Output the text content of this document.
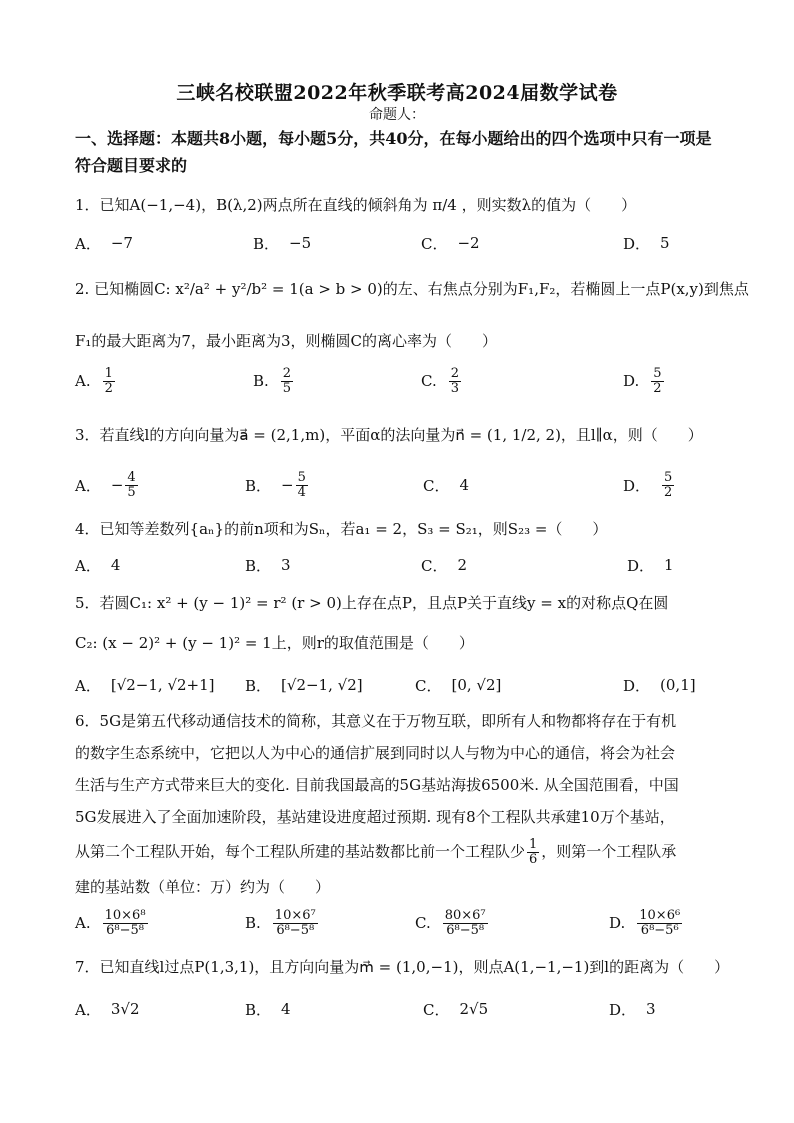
三峡名校联盟2022年秋季联考高2024届数学试卷
命题人：
一、选择题：本题共8小题，每小题5分，共40分，在每小题给出的四个选项中只有一项是
符合题目要求的
1．已知A(−1,−4)，B(λ,2)两点所在直线的倾斜角为 π/4 ，则实数λ的值为（　　）
A． −7	B． −5	C． −2	D． 5
2. 已知椭圆C: x²/a² + y²/b² = 1(a > b > 0)的左、右焦点分别为F₁,F₂，若椭圆上一点P(x,y)到焦点
F₁的最大距离为7，最小距离为3，则椭圆C的离心率为（　　）
A. $\frac{1}{2}$	B. $\frac{2}{5}$	C. $\frac{2}{3}$	D. $\frac{5}{2}$
3．若直线l的方向向量为a⃗ = (2,1,m)，平面α的法向量为n⃗ = (1, 1/2, 2)，且l∥α，则（　　）
A． − $\frac{4}{5}$	B． − $\frac{5}{4}$	C． 4	D． $\frac{5}{2}$
4．已知等差数列{aₙ}的前n项和为Sₙ，若a₁ = 2，S₃ = S₂₁，则S₂₃ =（　　）
A． 4	B． 3	C． 2	D． 1
5．若圆C₁: x² + (y − 1)² = r² (r > 0)上存在点P，且点P关于直线y = x的对称点Q在圆
C₂: (x − 2)² + (y − 1)² = 1上，则r的取值范围是（　　）
A． [√2−1, √2+1] B． [√2−1, √2]	C． [0, √2]	D． (0,1]
6．5G是第五代移动通信技术的简称，其意义在于万物互联，即所有人和物都将存在于有机
的数字生态系统中，它把以人为中心的通信扩展到同时以人与物为中心的通信，将会为社会
生活与生产方式带来巨大的变化. 目前我国最高的5G基站海拔6500米. 从全国范围看，中国
5G发展进入了全面加速阶段，基站建设进度超过预期. 现有8个工程队共承建10万个基站，
从第二个工程队开始，每个工程队所建的基站数都比前一个工程队少 $\frac{1}{6}$ ，则第一个工程队承
建的基站数（单位：万）约为（　　）
A. $\frac{\text{10×6⁸}}{\text{6⁸−5⁸}}$	B. $\frac{\text{10×6⁷}}{\text{6⁸−5⁸}}$	C. $\frac{\text{80×6⁷}}{\text{6⁸−5⁸}}$	D. $\frac{\text{10×6⁶}}{\text{6⁸−5⁶}}$
7．已知直线l过点P(1,3,1)，且方向向量为m⃗ = (1,0,−1)，则点A(1,−1,−1)到l的距离为（　　）
A． 3√2	B． 4	C． 2√5	D． 3
